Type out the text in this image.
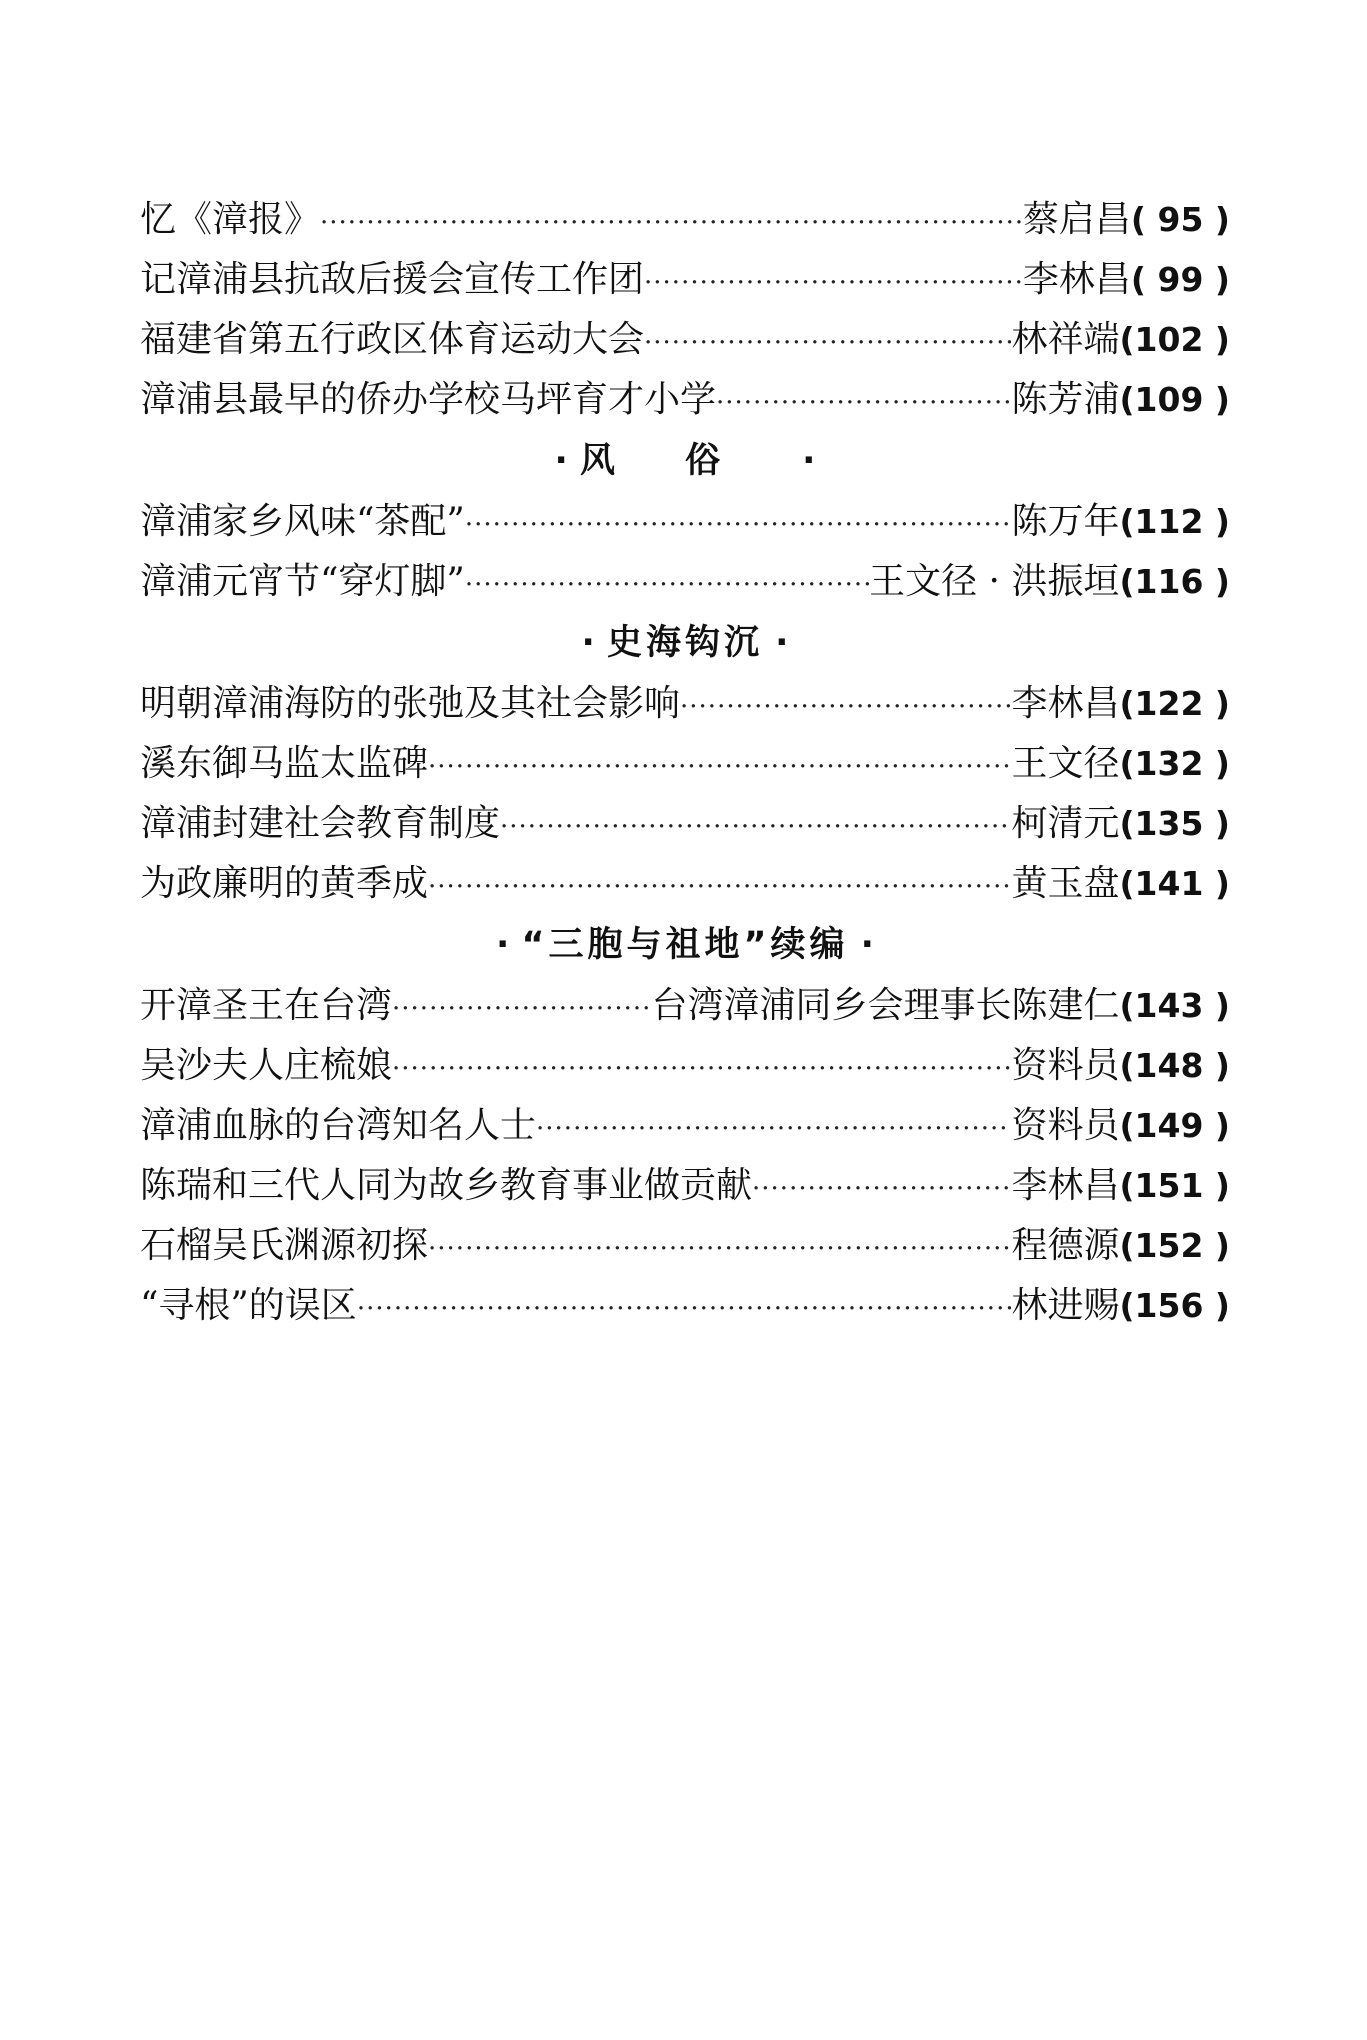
忆《漳报》 ·····	蔡启昌 ( 95 )
记漳浦县抗敌后援会宣传工作团 ·····	李林昌 ( 99 )
福建省第五行政区体育运动大会 ·····	林祥端 (102 )
漳浦县最早的侨办学校马坪育才小学 ·····	陈芳浦 (109 )
· 风俗 ·
漳浦家乡风味“茶配” ·····	陈万年 (112 )
漳浦元宵节“穿灯脚” ·····	王文径 · 洪振垣 (116 )
· 史海钩沉 ·
明朝漳浦海防的张弛及其社会影响 ·····	李林昌 (122 )
溪东御马监太监碑 ·····	王文径 (132 )
漳浦封建社会教育制度 ·····	柯清元 (135 )
为政廉明的黄季成 ·····	黄玉盘 (141 )
· “三胞与祖地”续编 ·
开漳圣王在台湾 ·····	台湾漳浦同乡会理事长陈建仁 (143 )
吴沙夫人庄梳娘 ·····	资料员 (148 )
漳浦血脉的台湾知名人士 ·····	资料员 (149 )
陈瑞和三代人同为故乡教育事业做贡献 ·····	李林昌 (151 )
石榴吴氏渊源初探 ·····	程德源 (152 )
“寻根”的误区 ·····	林进赐 (156 )
